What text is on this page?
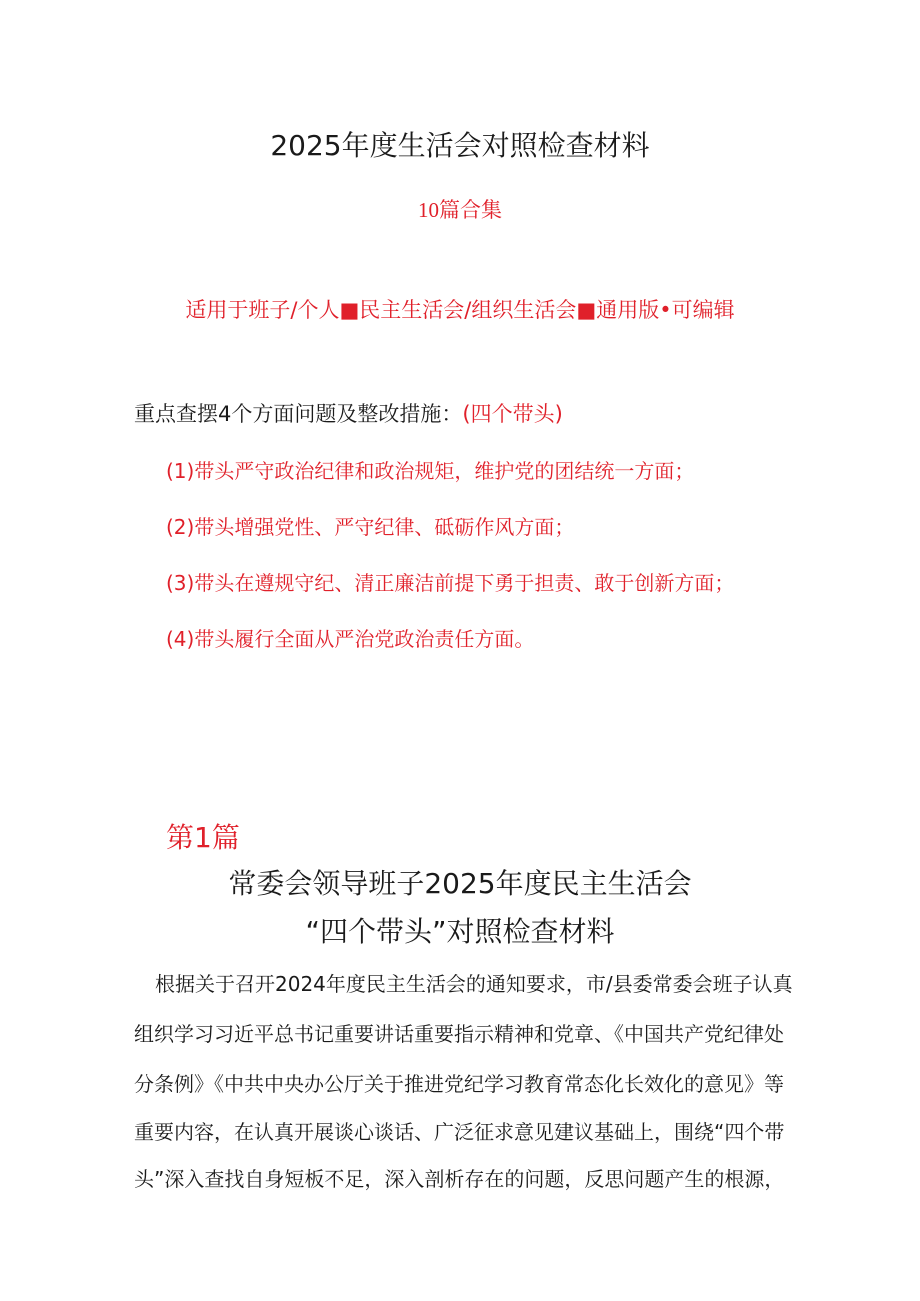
2025年度生活会对照检查材料
10篇合集
适用于班子/个人■民主生活会/组织生活会■通用版•可编辑
重点查摆4个方面问题及整改措施：(四个带头)
(1)带头严守政治纪律和政治规矩，维护党的团结统一方面；
(2)带头增强党性、严守纪律、砥砺作风方面；
(3)带头在遵规守纪、清正廉洁前提下勇于担责、敢于创新方面；
(4)带头履行全面从严治党政治责任方面。
第1篇
常委会领导班子2025年度民主生活会
“四个带头”对照检查材料
根据关于召开2024年度民主生活会的通知要求，市/县委常委会班子认真
组织学习习近平总书记重要讲话重要指示精神和党章、《中国共产党纪律处
分条例》《中共中央办公厅关于推进党纪学习教育常态化长效化的意见》等
重要内容，在认真开展谈心谈话、广泛征求意见建议基础上，围绕“四个带
头”深入查找自身短板不足，深入剖析存在的问题，反思问题产生的根源，
